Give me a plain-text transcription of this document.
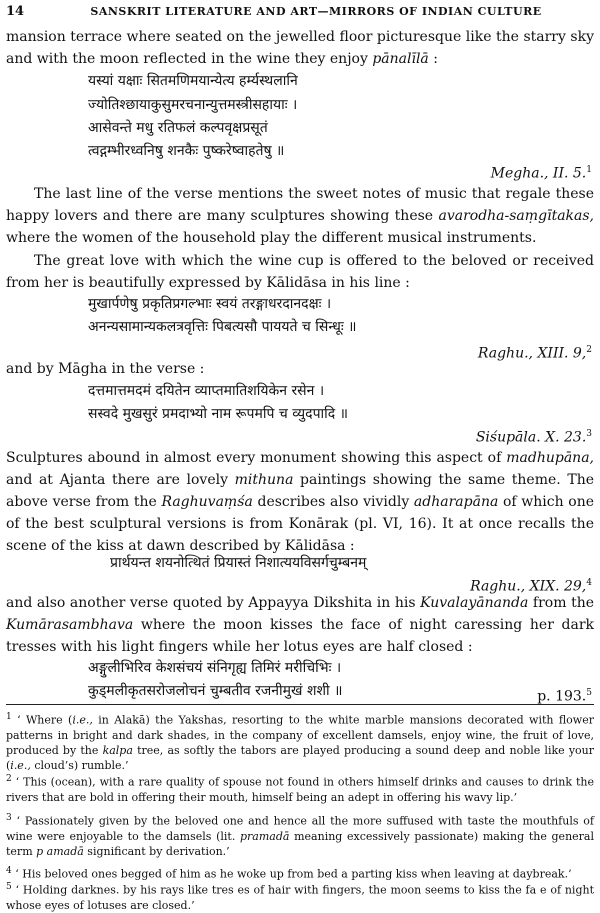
14	SANSKRIT LITERATURE AND ART—MIRRORS OF INDIAN CULTURE
mansion terrace where seated on the jewelled floor picturesque like the starry sky and with the moon reflected in the wine they enjoy pānalīlā :
यस्यां यक्षाः सितमणिमयान्येत्य हर्म्यस्थलानि
ज्योतिश्छायाकुसुमरचनान्युत्तमस्त्रीसहायाः ।
आसेवन्ते मधु रतिफलं कल्पवृक्षप्रसूतं
त्वद्गम्भीरध्वनिषु शनकैः पुष्करेष्वाहतेषु ॥
Megha., II. 5.$^1$
The last line of the verse mentions the sweet notes of music that regale these happy lovers and there are many sculptures showing these avarodha-saṃgītakas, where the women of the household play the different musical instruments.
The great love with which the wine cup is offered to the beloved or received from her is beautifully expressed by Kālidāsa in his line :
मुखार्पणेषु प्रकृतिप्रगल्भाः स्वयं तरङ्गाधरदानदक्षः ।
अनन्यसामान्यकलत्रवृत्तिः पिबत्यसौ पाययते च सिन्धूः ॥
Raghu., XIII. 9,$^2$
and by Māgha in the verse :
दत्तमात्तमदमं दयितेन व्याप्तमातिशयिकेन रसेन ।
सस्वदे मुखसुरं प्रमदाभ्यो नाम रूपमपि च व्युदपादि ॥
Siśupāla. X. 23.$^3$
Sculptures abound in almost every monument showing this aspect of madhupāna, and at Ajanta there are lovely mithuna paintings showing the same theme. The above verse from the Raghuvaṃśa describes also vividly adharapāna of which one of the best sculptural versions is from Konārak (pl. VI, 16). It at once recalls the scene of the kiss at dawn described by Kālidāsa :
प्रार्थयन्त शयनोत्थितं प्रियास्तं निशात्ययविसर्गचुम्बनम्
Raghu., XIX. 29,$^4$
and also another verse quoted by Appayya Dikshita in his Kuvalayānanda from the Kumārasambhava where the moon kisses the face of night caressing her dark tresses with his light fingers while her lotus eyes are half closed :
अङ्गुलीभिरिव केशसंचयं संनिगृह्य तिमिरं मरीचिभिः ।
कुड्मलीकृतसरोजलोचनं चुम्बतीव रजनीमुखं शशी ॥	p. 193.$^5$
$^1$ ‘ Where (i.e., in Alakā) the Yakshas, resorting to the white marble mansions decorated with flower patterns in bright and dark shades, in the company of excellent damsels, enjoy wine, the fruit of love, produced by the kalpa tree, as softly the tabors are played producing a sound deep and noble like your (i.e., cloud’s) rumble.’
$^2$ ‘ This (ocean), with a rare quality of spouse not found in others himself drinks and causes to drink the rivers that are bold in offering their mouth, himself being an adept in offering his wavy lip.’
$^3$ ‘ Passionately given by the beloved one and hence all the more suffused with taste the mouthfuls of wine were enjoyable to the damsels (lit. pramadā meaning excessively passionate) making the general term p amadā significant by derivation.’
$^4$ ‘ His beloved ones begged of him as he woke up from bed a parting kiss when leaving at daybreak.’
$^5$ ‘ Holding darknes. by his rays like tres es of hair with fingers, the moon seems to kiss the fa e of night whose eyes of lotuses are closed.’
